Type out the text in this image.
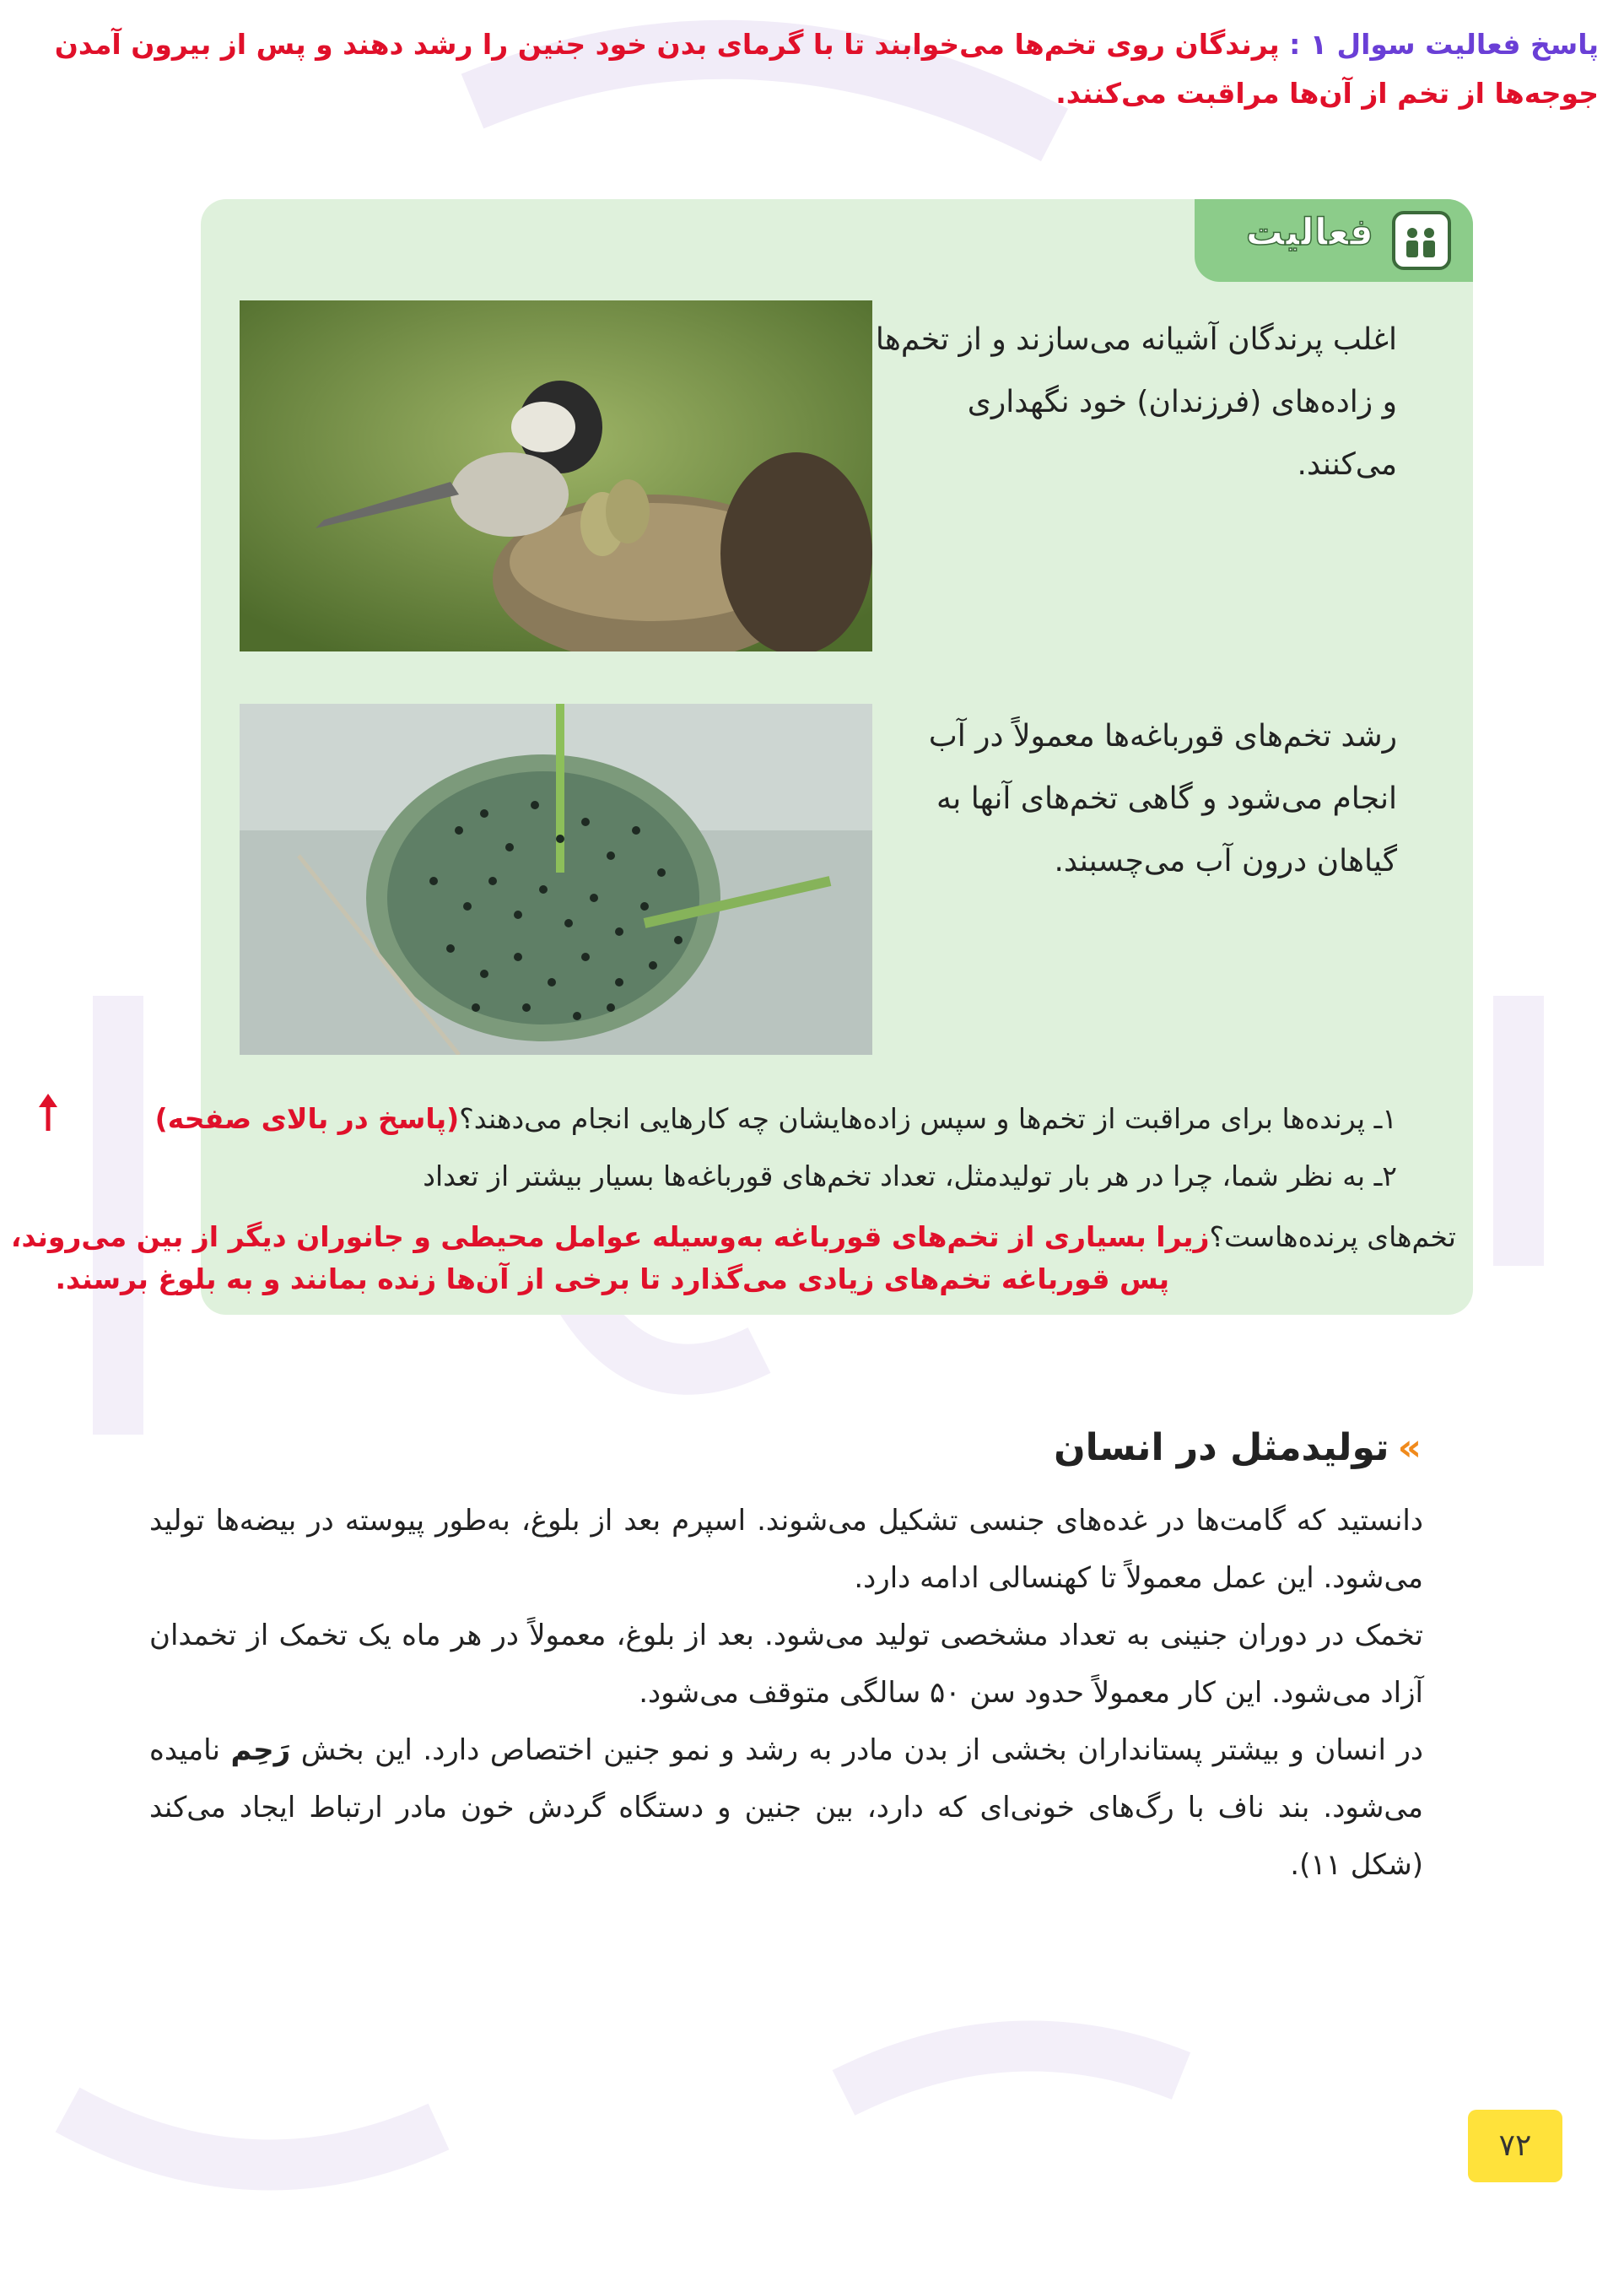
پاسخ فعالیت سوال ۱ : پرندگان روی تخم‌ها می‌خوابند تا با گرمای بدن خود جنین را رشد دهند و پس از بیرون آمدن جوجه‌ها از تخم از آن‌ها مراقبت می‌کنند.
فعالیت
اغلب پرندگان آشیانه می‌سازند و از تخم‌ها و زاده‌های (فرزندان) خود نگهداری می‌کنند.
رشد تخم‌های قورباغه‌ها معمولاً در آب انجام می‌شود و گاهی تخم‌های آنها به گیاهان درون آب می‌چسبند.
۱ـ پرنده‌ها برای مراقبت از تخم‌ها و سپس زاده‌هایشان چه کارهایی انجام می‌دهند؟(پاسخ در بالای صفحه)
۲ـ به نظر شما، چرا در هر بار تولیدمثل، تعداد تخم‌های قورباغه‌ها بسیار بیشتر از تعداد
تخم‌های پرنده‌هاست؟زیرا بسیاری از تخم‌های قورباغه به‌وسیله عوامل محیطی و جانوران دیگر از بین می‌روند،
پس قورباغه تخم‌های زیادی می‌گذارد تا برخی از آن‌ها زنده بمانند و به بلوغ برسند.
»تولیدمثل در انسان
دانستید که گامت‌ها در غده‌های جنسی تشکیل می‌شوند. اسپرم بعد از بلوغ، به‌طور پیوسته در بیضه‌ها تولید می‌شود. این عمل معمولاً تا کهنسالی ادامه دارد.
تخمک در دوران جنینی به تعداد مشخصی تولید می‌شود. بعد از بلوغ، معمولاً در هر ماه یک تخمک از تخمدان آزاد می‌شود. این کار معمولاً حدود سن ۵۰ سالگی متوقف می‌شود.
در انسان و بیشتر پستانداران بخشی از بدن مادر به رشد و نمو جنین اختصاص دارد. این بخش رَحِم نامیده می‌شود. بند ناف با رگ‌های خونی‌ای که دارد، بین جنین و دستگاه گردش خون مادر ارتباط ایجاد می‌کند (شکل ۱۱).
۷۲
